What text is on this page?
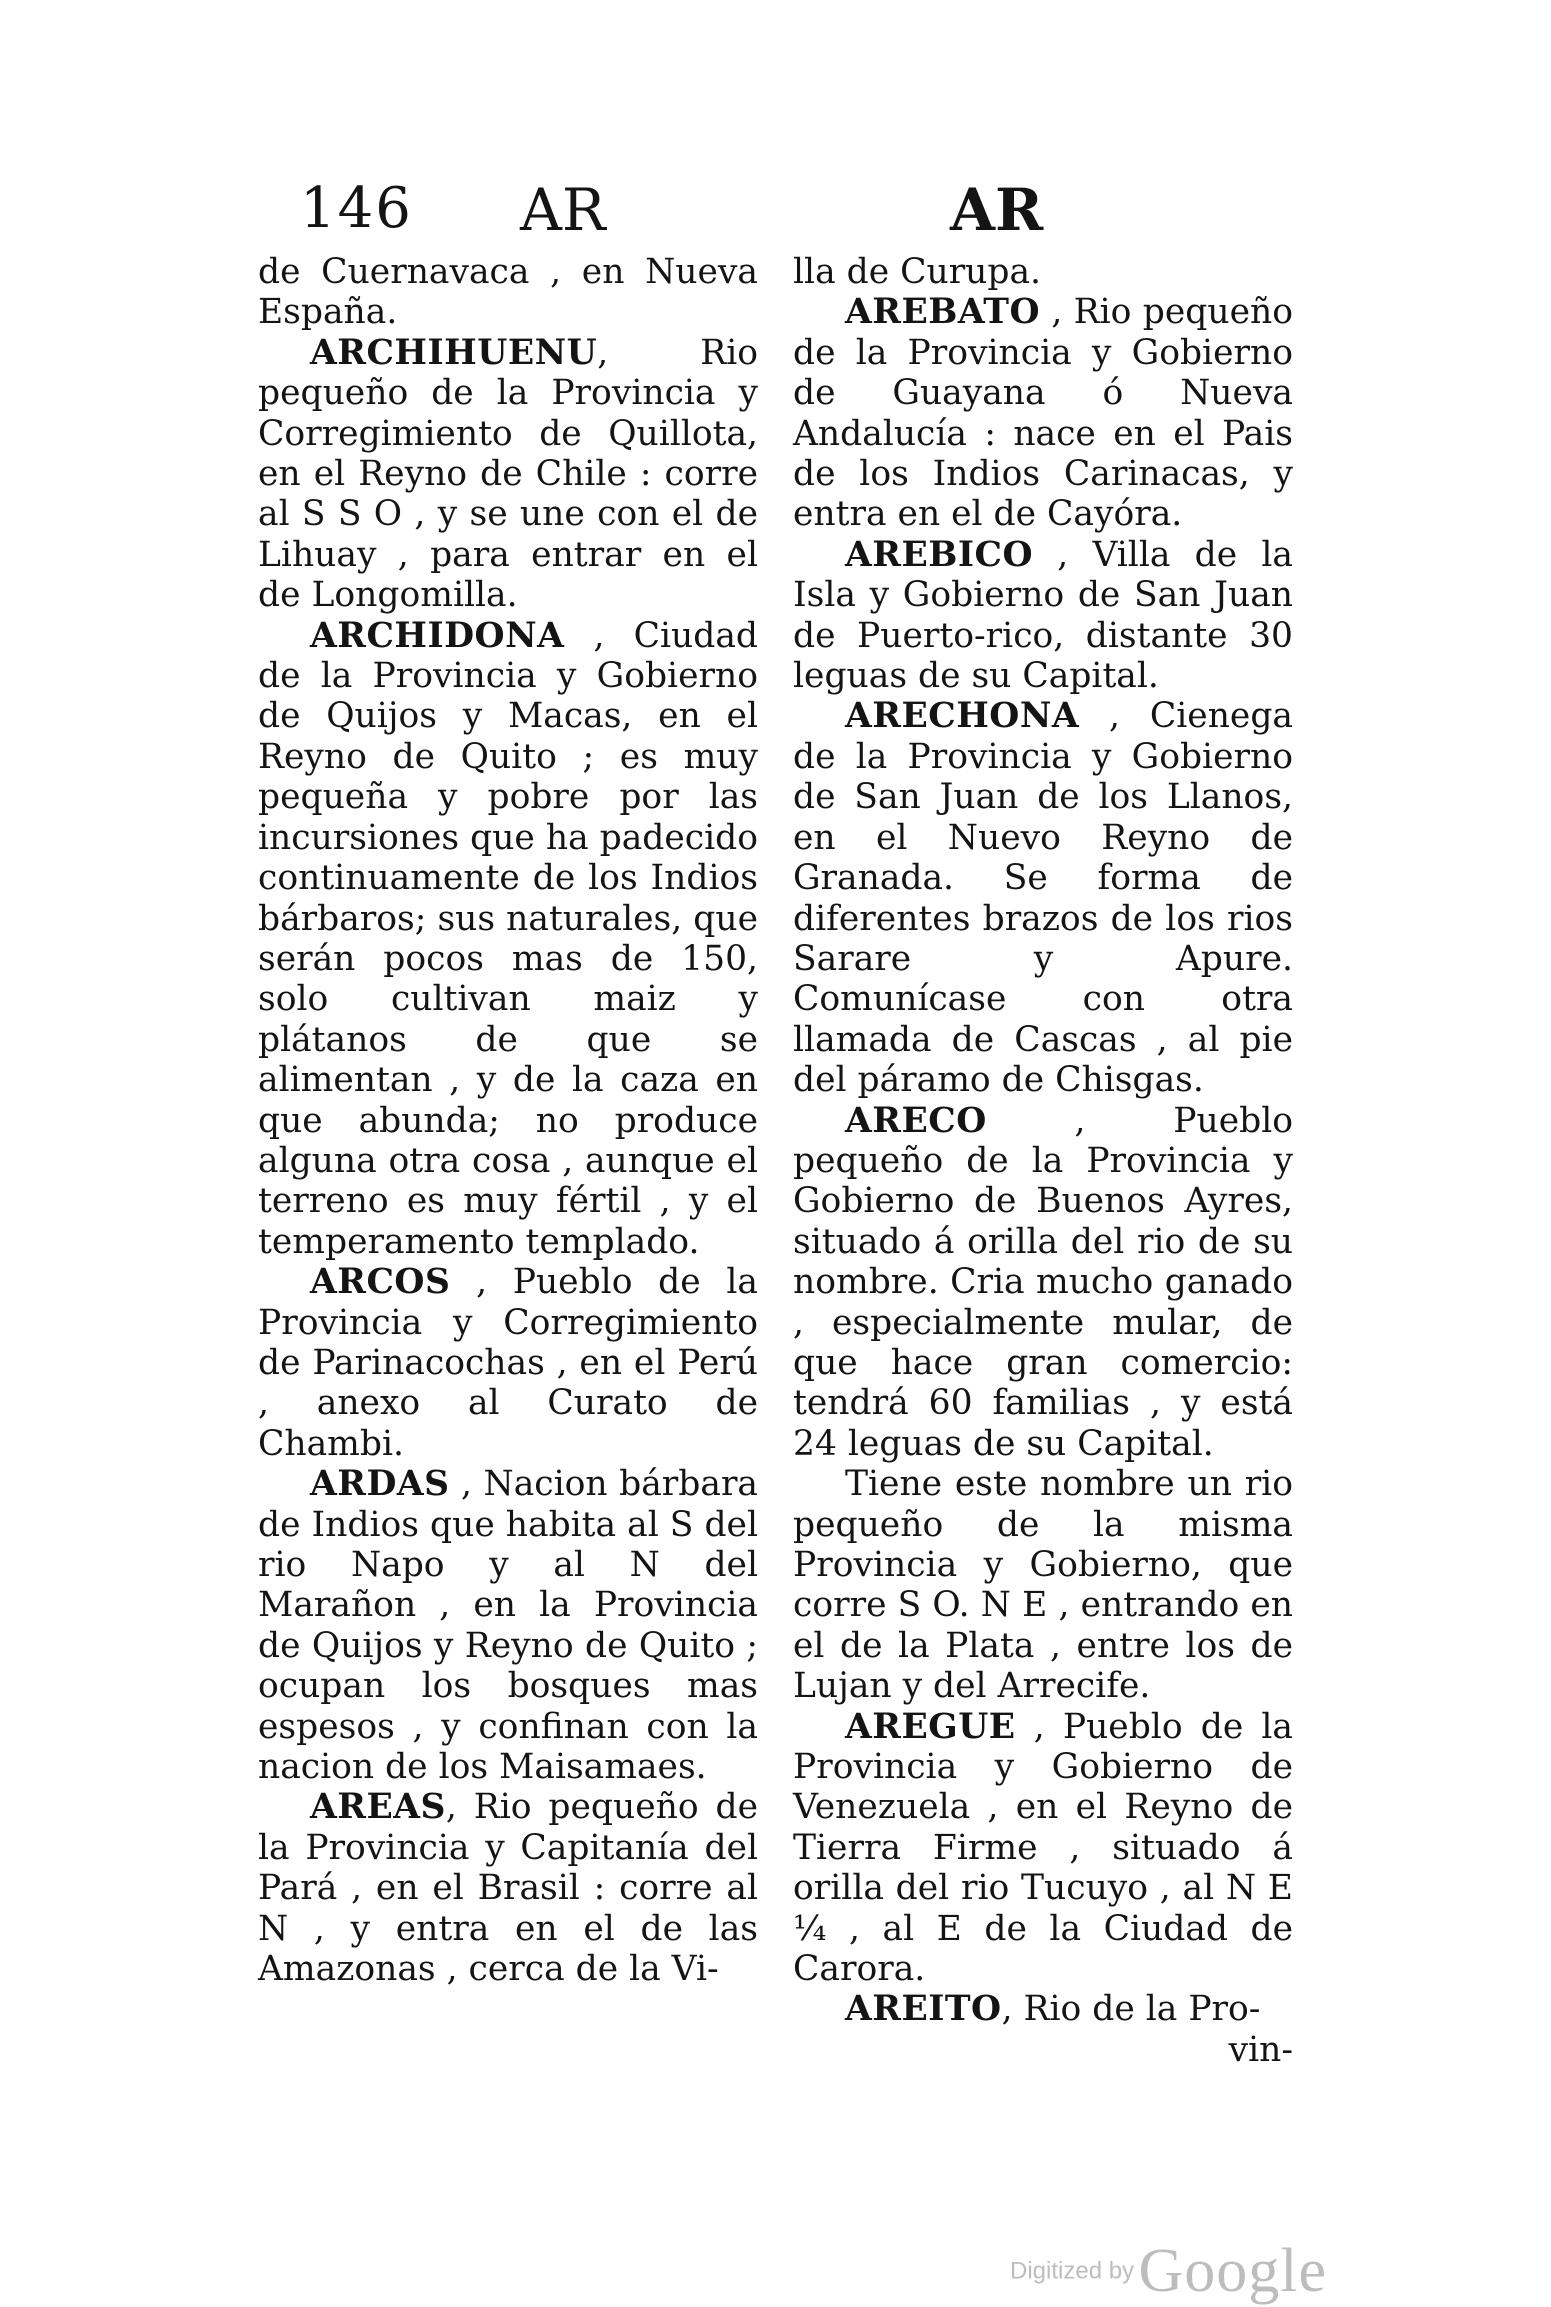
146 AR	AR

de Cuernavaca , en Nueva España.

ARCHIHUENU, Rio pequeño de la Provincia y Corregimiento de Quillota, en el Reyno de Chile : corre al S S O , y se une con el de Lihuay , para entrar en el de Longomilla.

ARCHIDONA , Ciudad de la Provincia y Gobierno de Quijos y Macas, en el Reyno de Quito ; es muy pequeña y pobre por las incursiones que ha padecido continuamente de los Indios bárbaros; sus naturales, que serán pocos mas de 150, solo cultivan maiz y plátanos de que se alimentan , y de la caza en que abunda; no produce alguna otra cosa , aunque el terreno es muy fértil , y el temperamento templado.

ARCOS , Pueblo de la Provincia y Corregimiento de Parinacochas , en el Perú , anexo al Curato de Chambi.

ARDAS , Nacion bárbara de Indios que habita al S del rio Napo y al N del Marañon , en la Provincia de Quijos y Reyno de Quito ; ocupan los bosques mas espesos , y confinan con la nacion de los Maisamaes.

AREAS, Rio pequeño de la Provincia y Capitanía del Pará , en el Brasil : corre al N , y entra en el de las Amazonas , cerca de la Vi-

lla de Curupa.

AREBATO , Rio pequeño de la Provincia y Gobierno de Guayana ó Nueva Andalucía : nace en el Pais de los Indios Carinacas, y entra en el de Cayóra.

AREBICO , Villa de la Isla y Gobierno de San Juan de Puerto-rico, distante 30 leguas de su Capital.

ARECHONA , Cienega de la Provincia y Gobierno de San Juan de los Llanos, en el Nuevo Reyno de Granada. Se forma de diferentes brazos de los rios Sarare y Apure. Comunícase con otra llamada de Cascas , al pie del páramo de Chisgas.

ARECO , Pueblo pequeño de la Provincia y Gobierno de Buenos Ayres, situado á orilla del rio de su nombre. Cria mucho ganado , especialmente mular, de que hace gran comercio: tendrá 60 familias , y está 24 leguas de su Capital.

Tiene este nombre un rio pequeño de la misma Provincia y Gobierno, que corre S O. N E , entrando en el de la Plata , entre los de Lujan y del Arrecife.

AREGUE , Pueblo de la Provincia y Gobierno de Venezuela , en el Reyno de Tierra Firme , situado á orilla del rio Tucuyo , al N E ¼ , al E de la Ciudad de Carora.

AREITO, Rio de la Pro-

vin-

Digitized by Google
